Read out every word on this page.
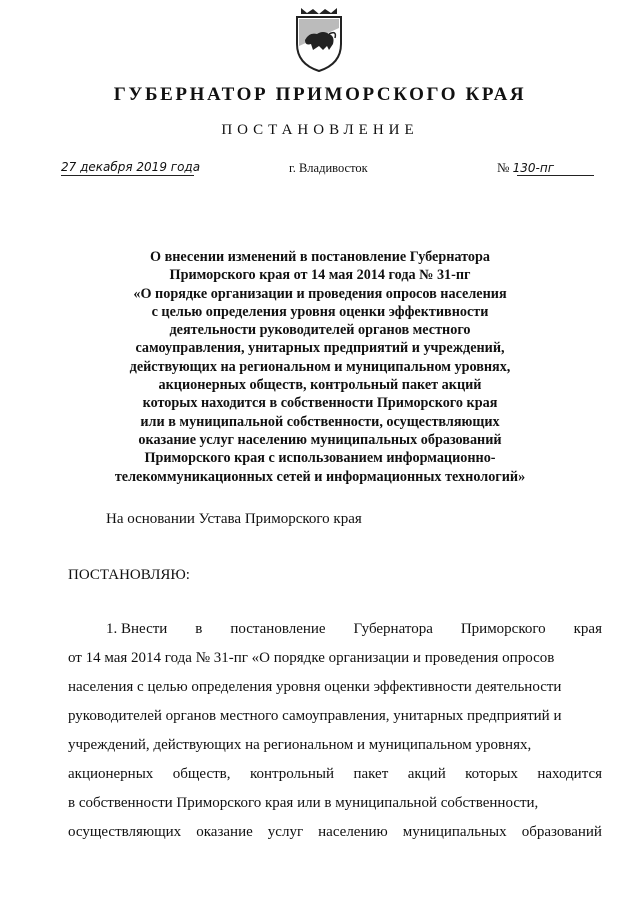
ГУБЕРНАТОР ПРИМОРСКОГО КРАЯ
ПОСТАНОВЛЕНИЕ
27 декабря 2019 года	г. Владивосток	№ 130-пг
О внесении изменений в постановление Губернатора
Приморского края от 14 мая 2014 года № 31-пг
«О порядке организации и проведения опросов населения
с целью определения уровня оценки эффективности
деятельности руководителей органов местного
самоуправления, унитарных предприятий и учреждений,
действующих на региональном и муниципальном уровнях,
акционерных обществ, контрольный пакет акций
которых находится в собственности Приморского края
или в муниципальной собственности, осуществляющих
оказание услуг населению муниципальных образований
Приморского края с использованием информационно-
телекоммуникационных сетей и информационных технологий»
На основании Устава Приморского края
ПОСТАНОВЛЯЮ:
1. Внести в постановление Губернатора Приморского края
от 14 мая 2014 года № 31-пг «О порядке организации и проведения опросов
населения с целью определения уровня оценки эффективности деятельности
руководителей органов местного самоуправления, унитарных предприятий и
учреждений, действующих на региональном и муниципальном уровнях,
акционерных обществ, контрольный пакет акций которых находится
в собственности Приморского края или в муниципальной собственности,
осуществляющих оказание услуг населению муниципальных образований
